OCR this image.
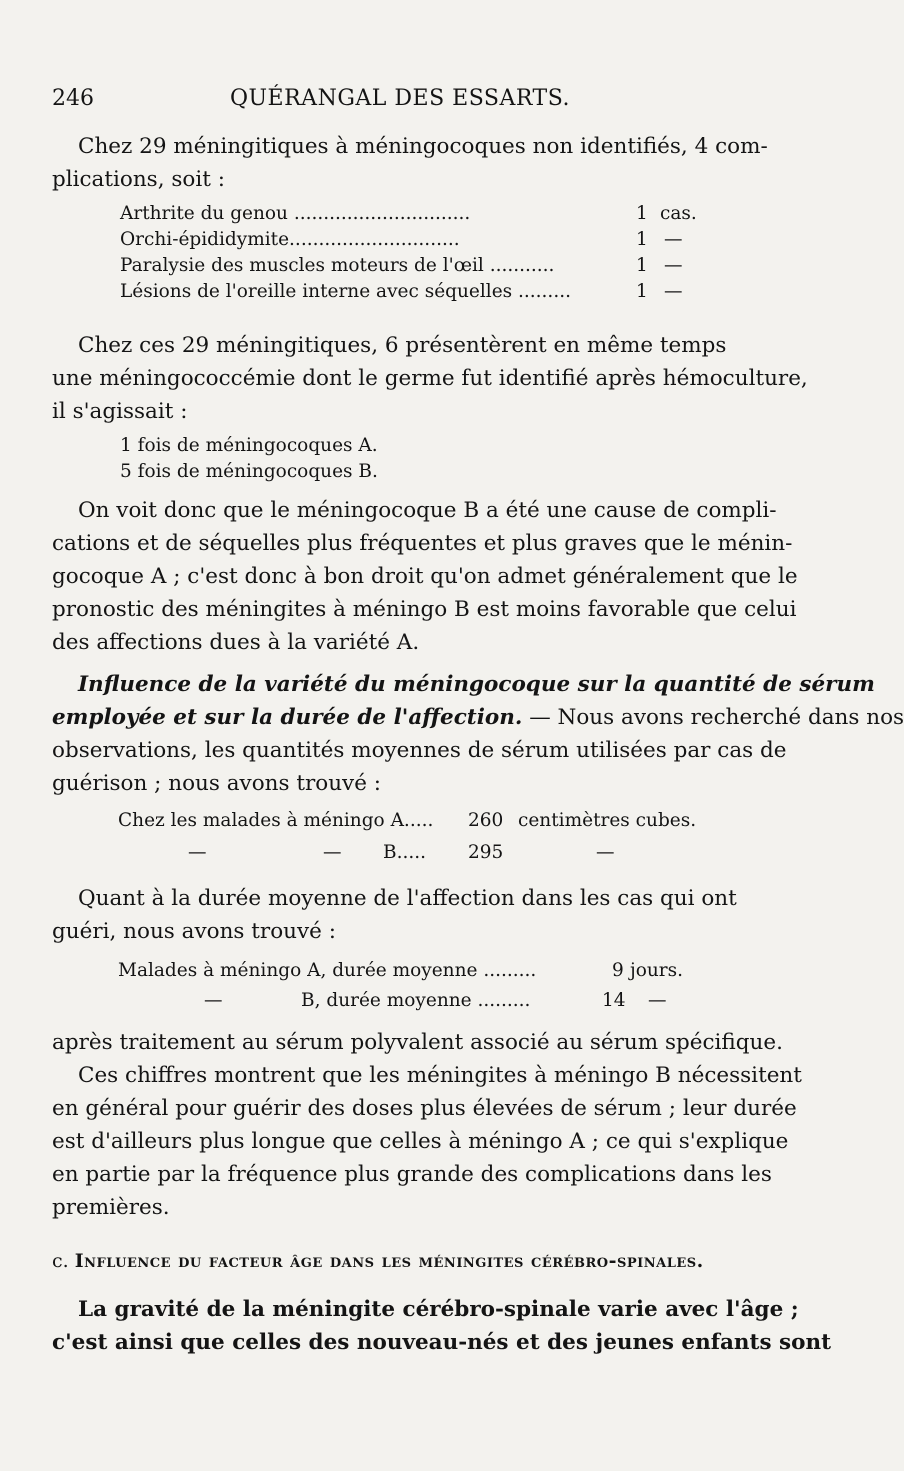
246	QUÉRANGAL DES ESSARTS.
Chez 29 méningitiques à méningocoques non identifiés, 4 com-
plications, soit :
Arthrite du genou ..............................	1 cas.
Orchi-épididymite.............................	1 —
Paralysie des muscles moteurs de l'œil ...........	1 —
Lésions de l'oreille interne avec séquelles .........	1 —
Chez ces 29 méningitiques, 6 présentèrent en même temps
une méningococcémie dont le germe fut identifié après hémoculture,
il s'agissait :
1 fois de méningocoques A.
5 fois de méningocoques B.
On voit donc que le méningocoque B a été une cause de compli-
cations et de séquelles plus fréquentes et plus graves que le ménin-
gocoque A ; c'est donc à bon droit qu'on admet généralement que le
pronostic des méningites à méningo B est moins favorable que celui
des affections dues à la variété A.
Influence de la variété du méningocoque sur la quantité de sérum
employée et sur la durée de l'affection. — Nous avons recherché dans nos
observations, les quantités moyennes de sérum utilisées par cas de
guérison ; nous avons trouvé :
Chez les malades à méningo A..... 260 centimètres cubes.
—	— B..... 295	—
Quant à la durée moyenne de l'affection dans les cas qui ont
guéri, nous avons trouvé :
Malades à méningo A, durée moyenne .........	9 jours.
—	B, durée moyenne .........	14 —
après traitement au sérum polyvalent associé au sérum spécifique.
Ces chiffres montrent que les méningites à méningo B nécessitent
en général pour guérir des doses plus élevées de sérum ; leur durée
est d'ailleurs plus longue que celles à méningo A ; ce qui s'explique
en partie par la fréquence plus grande des complications dans les
premières.
c. Influence du facteur âge dans les méningites cérébro-spinales.
La gravité de la méningite cérébro-spinale varie avec l'âge ;
c'est ainsi que celles des nouveau-nés et des jeunes enfants sont
